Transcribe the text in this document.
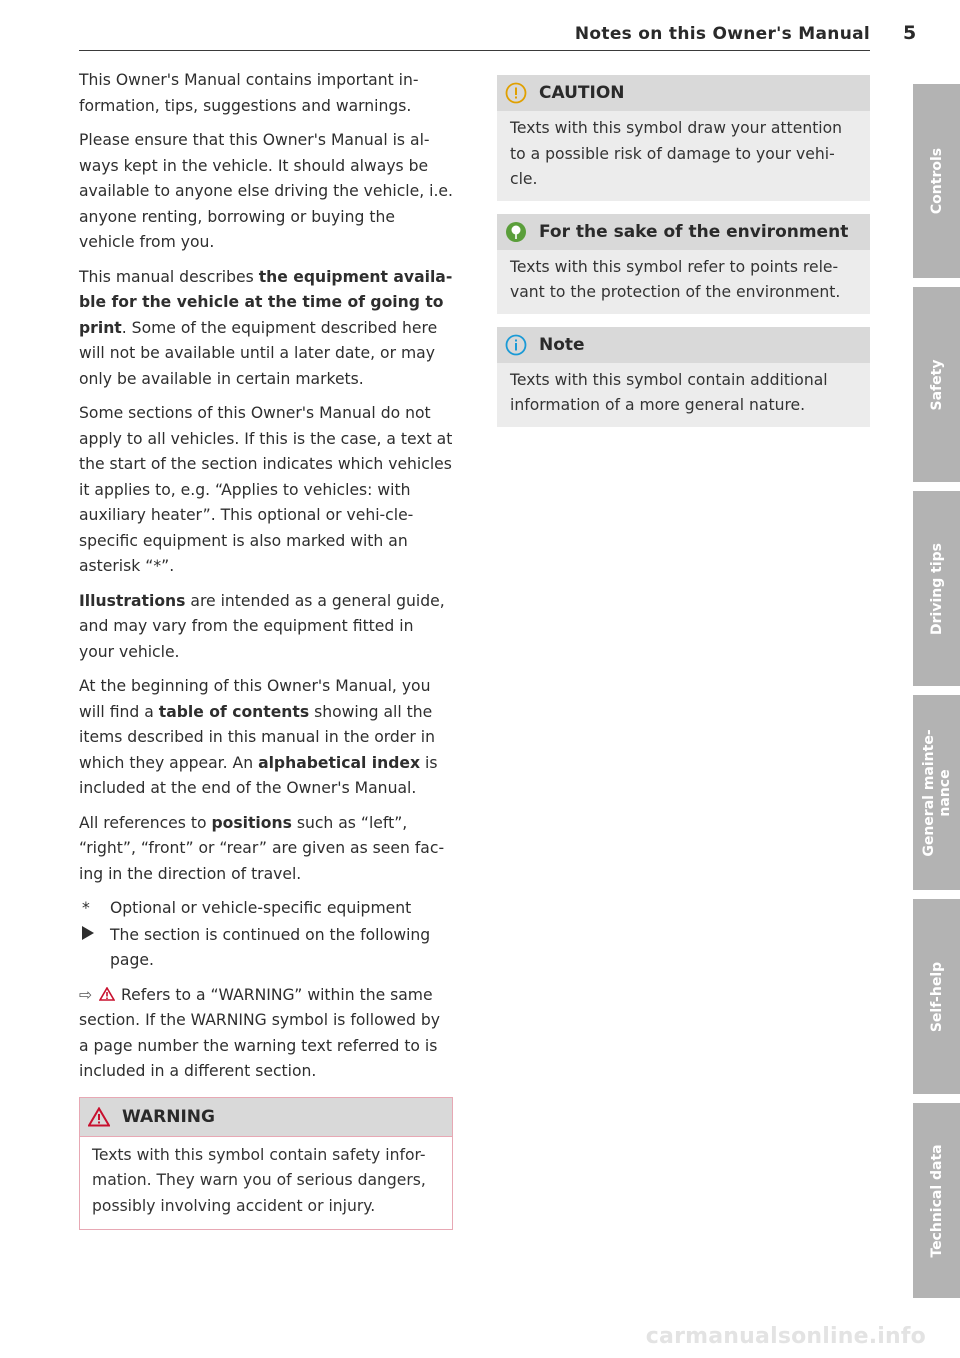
Notes on this Owner's Manual 5

This Owner's Manual contains important in-formation, tips, suggestions and warnings.

Please ensure that this Owner's Manual is al-ways kept in the vehicle. It should always be available to anyone else driving the vehicle, i.e. anyone renting, borrowing or buying the vehicle from you.

This manual describes the equipment availa-ble for the vehicle at the time of going to print. Some of the equipment described here will not be available until a later date, or may only be available in certain markets.

Some sections of this Owner's Manual do not apply to all vehicles. If this is the case, a text at the start of the section indicates which vehicles it applies to, e.g. “Applies to vehicles: with auxiliary heater”. This optional or vehi-cle-specific equipment is also marked with an asterisk “*”.

Illustrations are intended as a general guide, and may vary from the equipment fitted in your vehicle.

At the beginning of this Owner's Manual, you will find a table of contents showing all the items described in this manual in the order in which they appear. An alphabetical index is included at the end of the Owner's Manual.

All references to positions such as “left”, “right”, “front” or “rear” are given as seen fac-ing in the direction of travel.

*	Optional or vehicle-specific equipment
The section is continued on the following page.
⇨ Refers to a “WARNING” within the same section. If the WARNING symbol is followed by a page number the warning text referred to is included in a different section.
WARNING
Texts with this symbol contain safety infor-mation. They warn you of serious dangers, possibly involving accident or injury.
CAUTION
Texts with this symbol draw your attention to a possible risk of damage to your vehi-cle.
For the sake of the environment
Texts with this symbol refer to points rele-vant to the protection of the environment.
Note
Texts with this symbol contain additional information of a more general nature.
Controls
Safety
Driving tips
General mainte-nance
Self-help
Technical data
carmanualsonline.info
